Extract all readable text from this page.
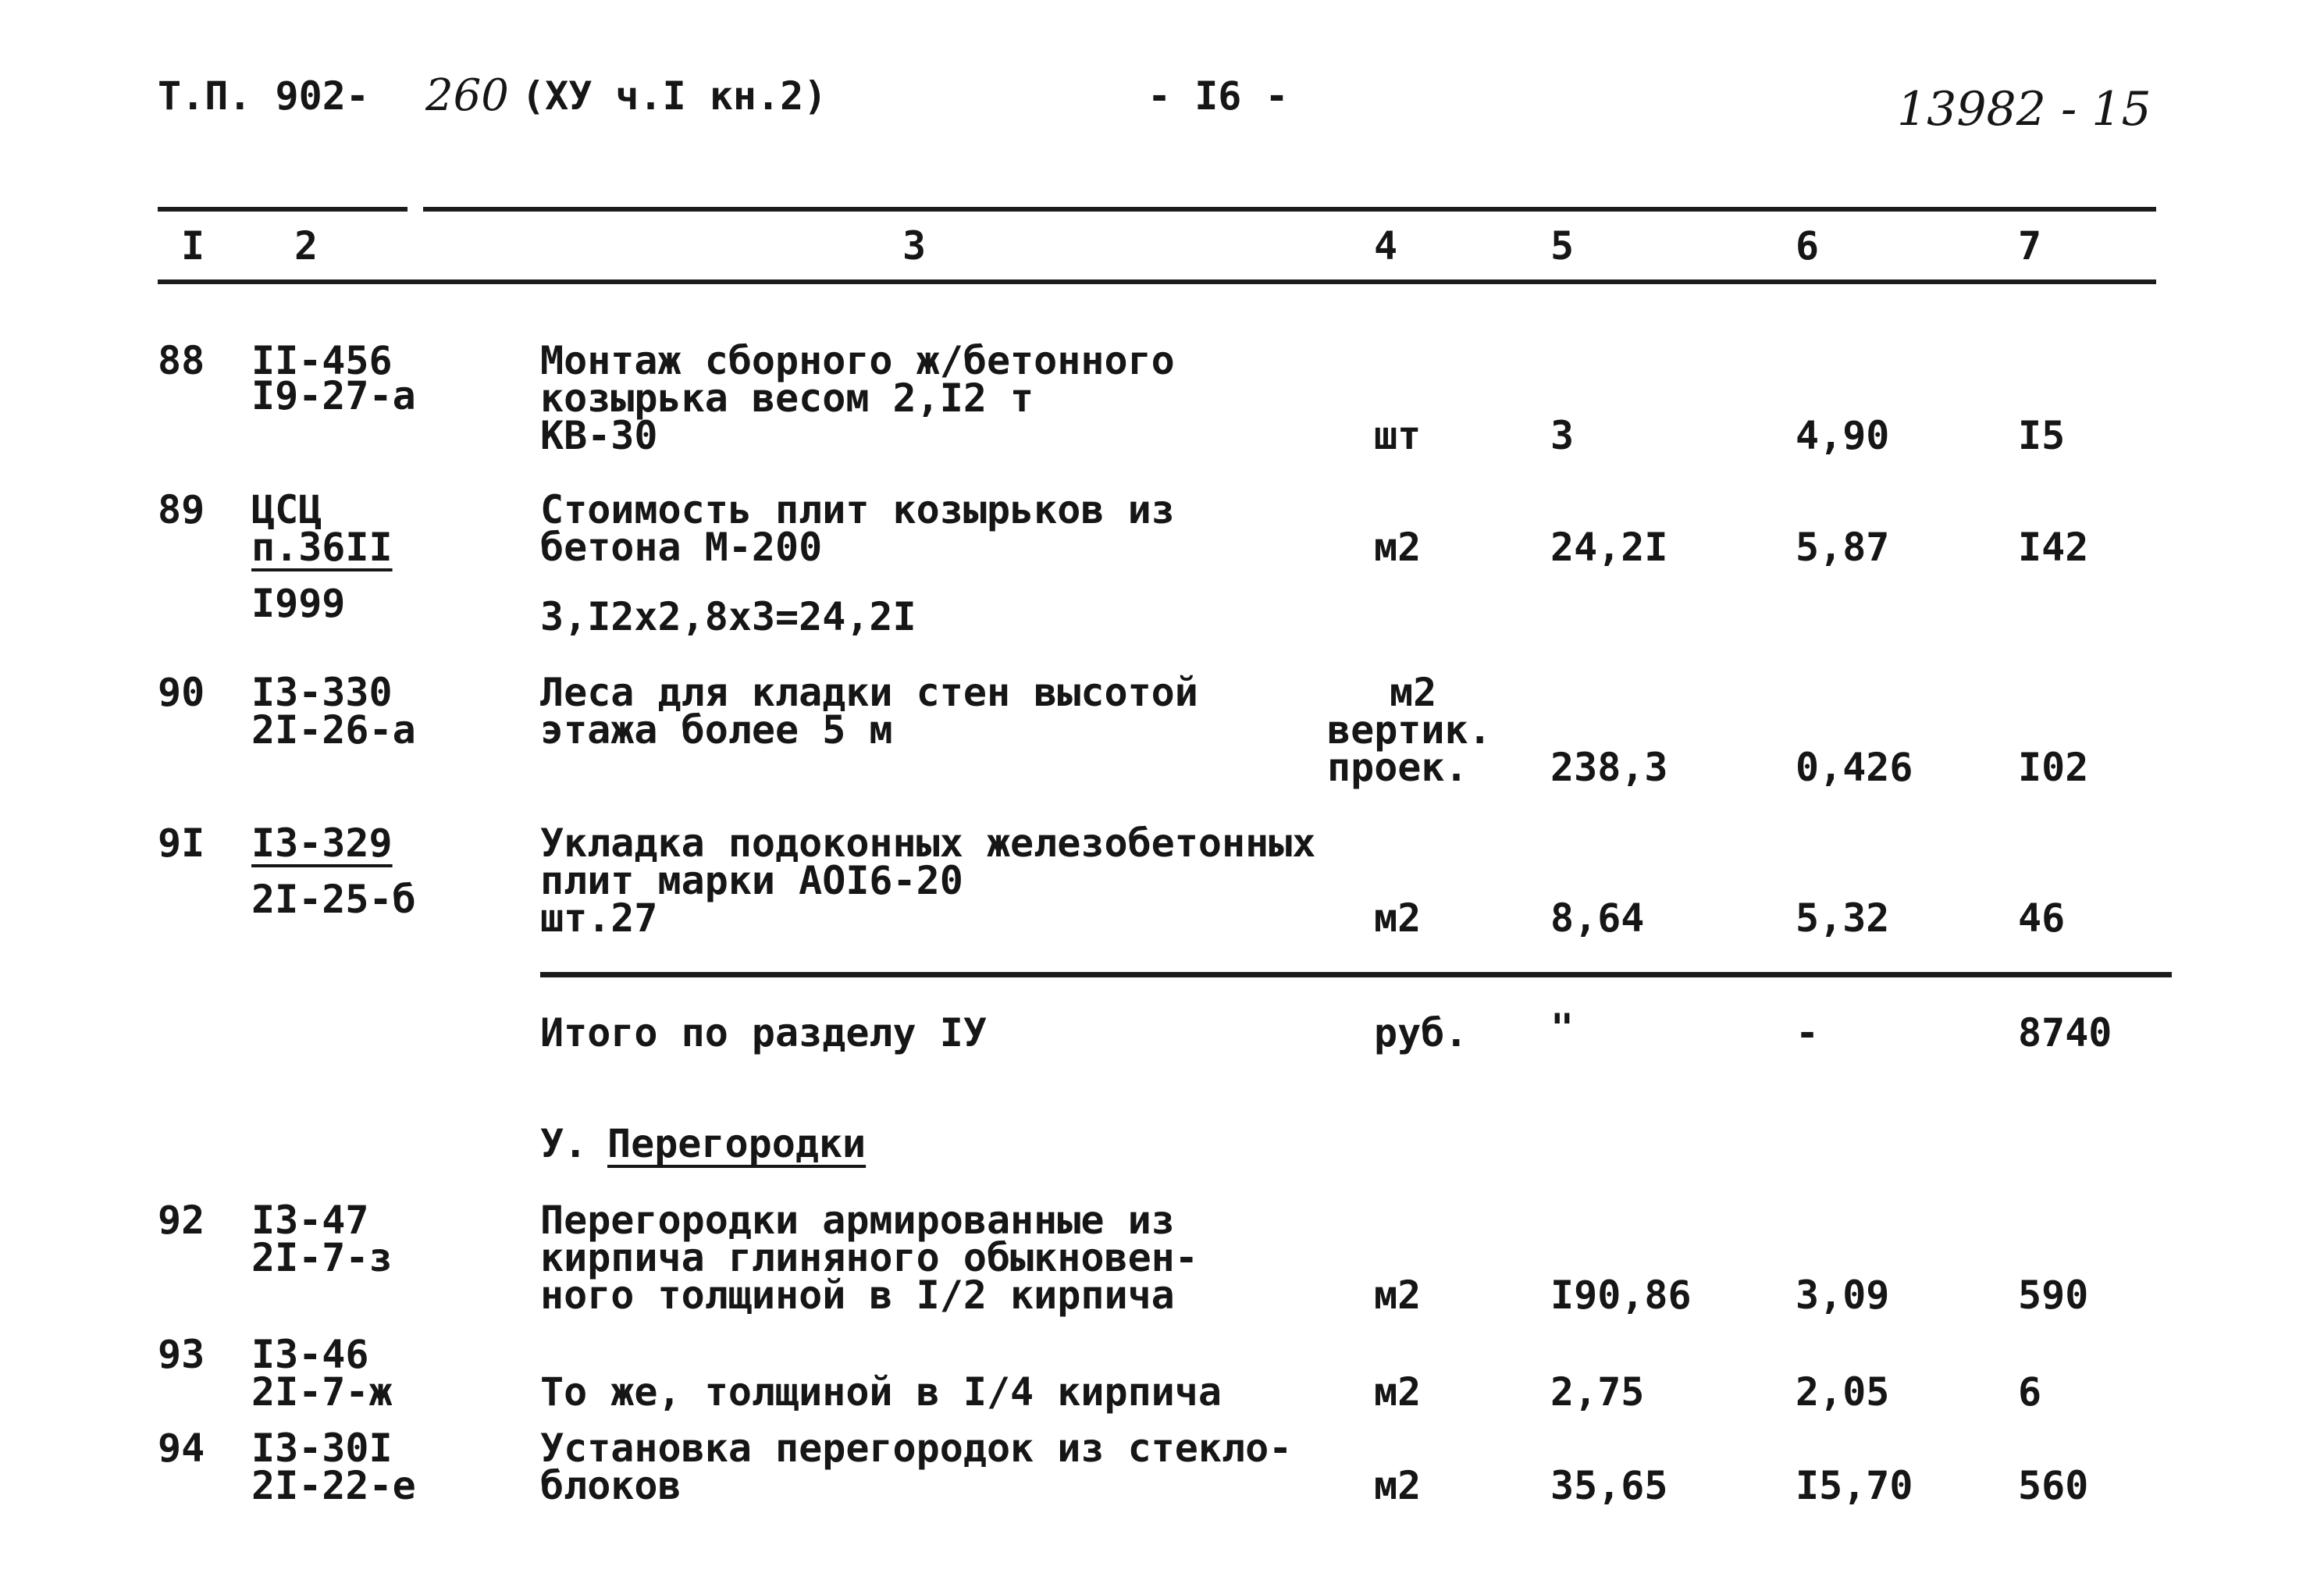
Т.П. 902- 260 (ХУ ч.I кн.2)	- I6 -	13982 - 15
I 2	3	4	5	6	7
88 II-456
I9-27-а
Монтаж сборного ж/бетонного
козырька весом 2,I2 т
КВ-30	шт	3	4,90	I5
89 ЦСЦ
п.36II
I999
Стоимость плит козырьков из
бетона М-200
3,I2х2,8х3=24,2I
м2	24,2I	5,87	I42
90 I3-330
2I-26-а
Леса для кладки стен высотой
этажа более 5 м
м2
вертик.
проек. 238,3	0,426	I02
9I I3-329
2I-25-б
Укладка подоконных железобетонных
плит марки АОI6-20
шт.27	м2	8,64	5,32	46
Итого по разделу IУ	руб. "	-	8740
У. Перегородки
92 I3-47
2I-7-з
Перегородки армированные из
кирпича глиняного обыкновен-
ного толщиной в I/2 кирпича	м2	I90,86	3,09	590
93 I3-46
2I-7-ж	То же, толщиной в I/4 кирпича	м2	2,75	2,05	6
94 I3-30I
2I-22-е
Установка перегородок из стекло-
блоков	м2	35,65	I5,70	560
